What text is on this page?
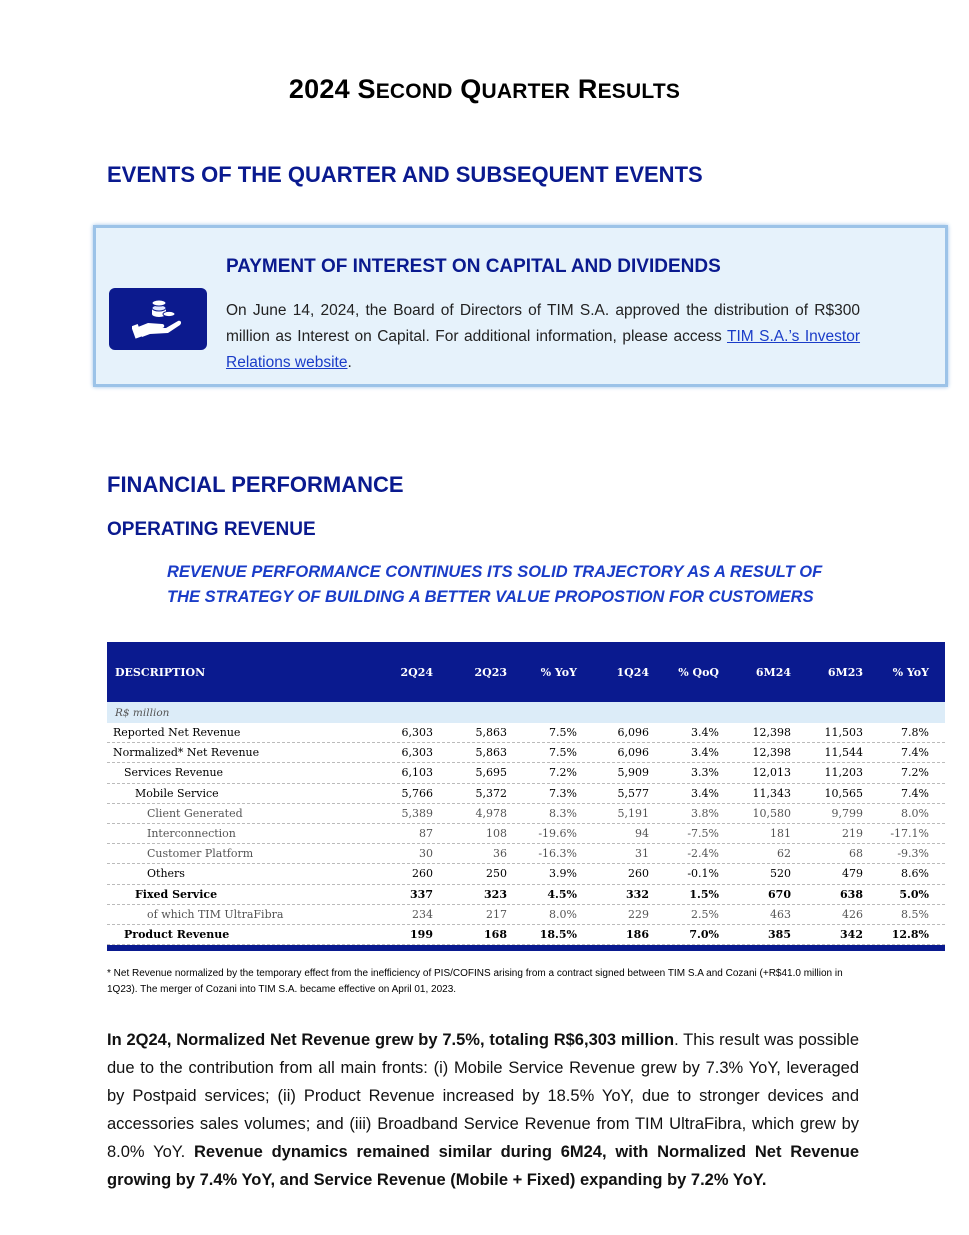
2024 SECOND QUARTER RESULTS
EVENTS OF THE QUARTER AND SUBSEQUENT EVENTS
PAYMENT OF INTEREST ON CAPITAL AND DIVIDENDS
On June 14, 2024, the Board of Directors of TIM S.A. approved the distribution of R$300 million as Interest on Capital. For additional information, please access TIM S.A.’s Investor Relations website.
FINANCIAL PERFORMANCE
OPERATING REVENUE
REVENUE PERFORMANCE CONTINUES ITS SOLID TRAJECTORY AS A RESULT OF THE STRATEGY OF BUILDING A BETTER VALUE PROPOSTION FOR CUSTOMERS
DESCRIPTION	2Q24	2Q23	% YoY	1Q24	% QoQ	6M24	6M23	% YoY
R$ million
Reported Net Revenue	6,303	5,863	7.5%	6,096	3.4%	12,398	11,503	7.8%
Normalized* Net Revenue	6,303	5,863	7.5%	6,096	3.4%	12,398	11,544	7.4%
Services Revenue	6,103	5,695	7.2%	5,909	3.3%	12,013	11,203	7.2%
Mobile Service	5,766	5,372	7.3%	5,577	3.4%	11,343	10,565	7.4%
Client Generated	5,389	4,978	8.3%	5,191	3.8%	10,580	9,799	8.0%
Interconnection	87	108	-19.6%	94	-7.5%	181	219	-17.1%
Customer Platform	30	36	-16.3%	31	-2.4%	62	68	-9.3%
Others	260	250	3.9%	260	-0.1%	520	479	8.6%
Fixed Service	337	323	4.5%	332	1.5%	670	638	5.0%
of which TIM UltraFibra	234	217	8.0%	229	2.5%	463	426	8.5%
Product Revenue	199	168	18.5%	186	7.0%	385	342	12.8%
* Net Revenue normalized by the temporary effect from the inefficiency of PIS/COFINS arising from a contract signed between TIM S.A and Cozani (+R$41.0 million in 1Q23). The merger of Cozani into TIM S.A. became effective on April 01, 2023.
In 2Q24, Normalized Net Revenue grew by 7.5%, totaling R$6,303 million. This result was possible due to the contribution from all main fronts: (i) Mobile Service Revenue grew by 7.3% YoY, leveraged by Postpaid services; (ii) Product Revenue increased by 18.5% YoY, due to stronger devices and accessories sales volumes; and (iii) Broadband Service Revenue from TIM UltraFibra, which grew by 8.0% YoY. Revenue dynamics remained similar during 6M24, with Normalized Net Revenue growing by 7.4% YoY, and Service Revenue (Mobile + Fixed) expanding by 7.2% YoY.
